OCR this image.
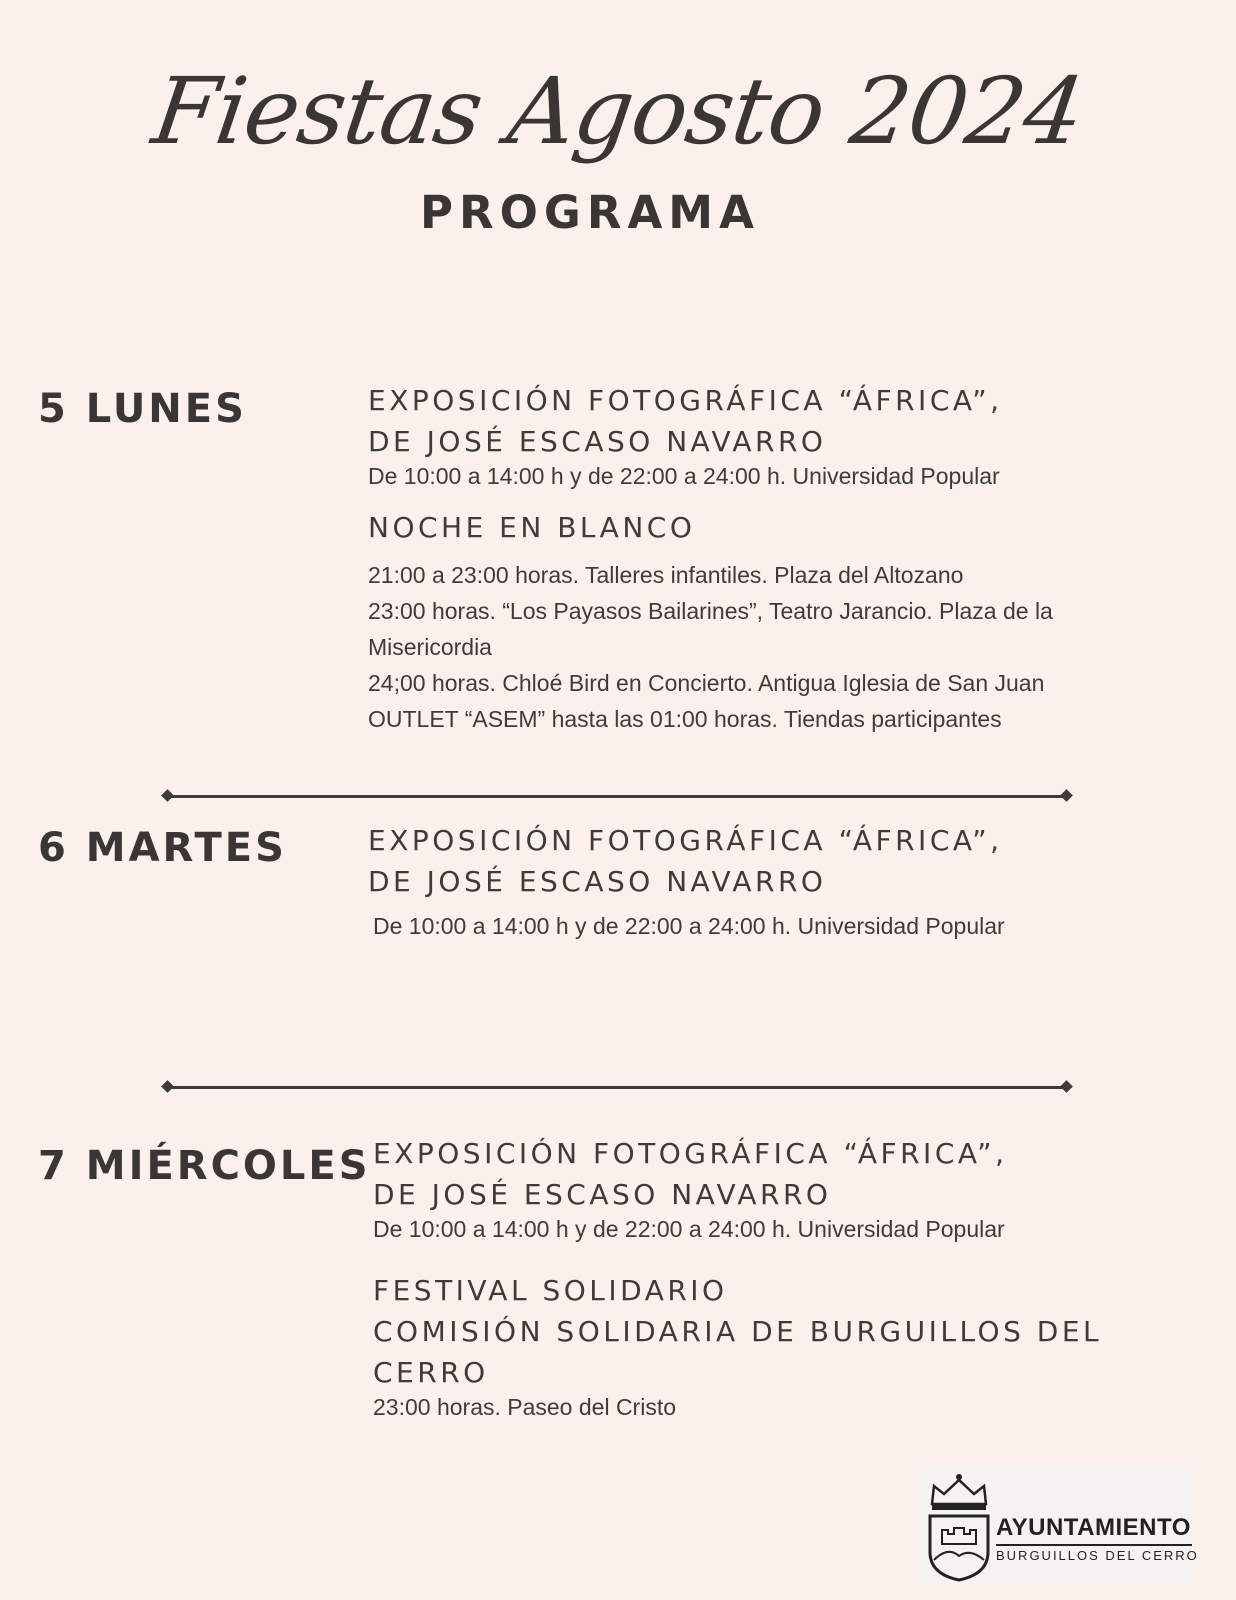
Fiestas Agosto 2024
PROGRAMA
5 LUNES	EXPOSICIÓN FOTOGRÁFICA “ÁFRICA”,
DE JOSÉ ESCASO NAVARRO
De 10:00 a 14:00 h y de 22:00 a 24:00 h. Universidad Popular
NOCHE EN BLANCO
21:00 a 23:00 horas. Talleres infantiles. Plaza del Altozano
23:00 horas. “Los Payasos Bailarines”, Teatro Jarancio. Plaza de la
Misericordia
24;00 horas. Chloé Bird en Concierto. Antigua Iglesia de San Juan
OUTLET “ASEM” hasta las 01:00 horas. Tiendas participantes
6 MARTES	EXPOSICIÓN FOTOGRÁFICA “ÁFRICA”,
DE JOSÉ ESCASO NAVARRO
De 10:00 a 14:00 h y de 22:00 a 24:00 h. Universidad Popular
7 MIÉRCOLES EXPOSICIÓN FOTOGRÁFICA “ÁFRICA”,
DE JOSÉ ESCASO NAVARRO
De 10:00 a 14:00 h y de 22:00 a 24:00 h. Universidad Popular
FESTIVAL SOLIDARIO
COMISIÓN SOLIDARIA DE BURGUILLOS DEL
CERRO
23:00 horas. Paseo del Cristo
AYUNTAMIENTO
BURGUILLOS DEL CERRO
